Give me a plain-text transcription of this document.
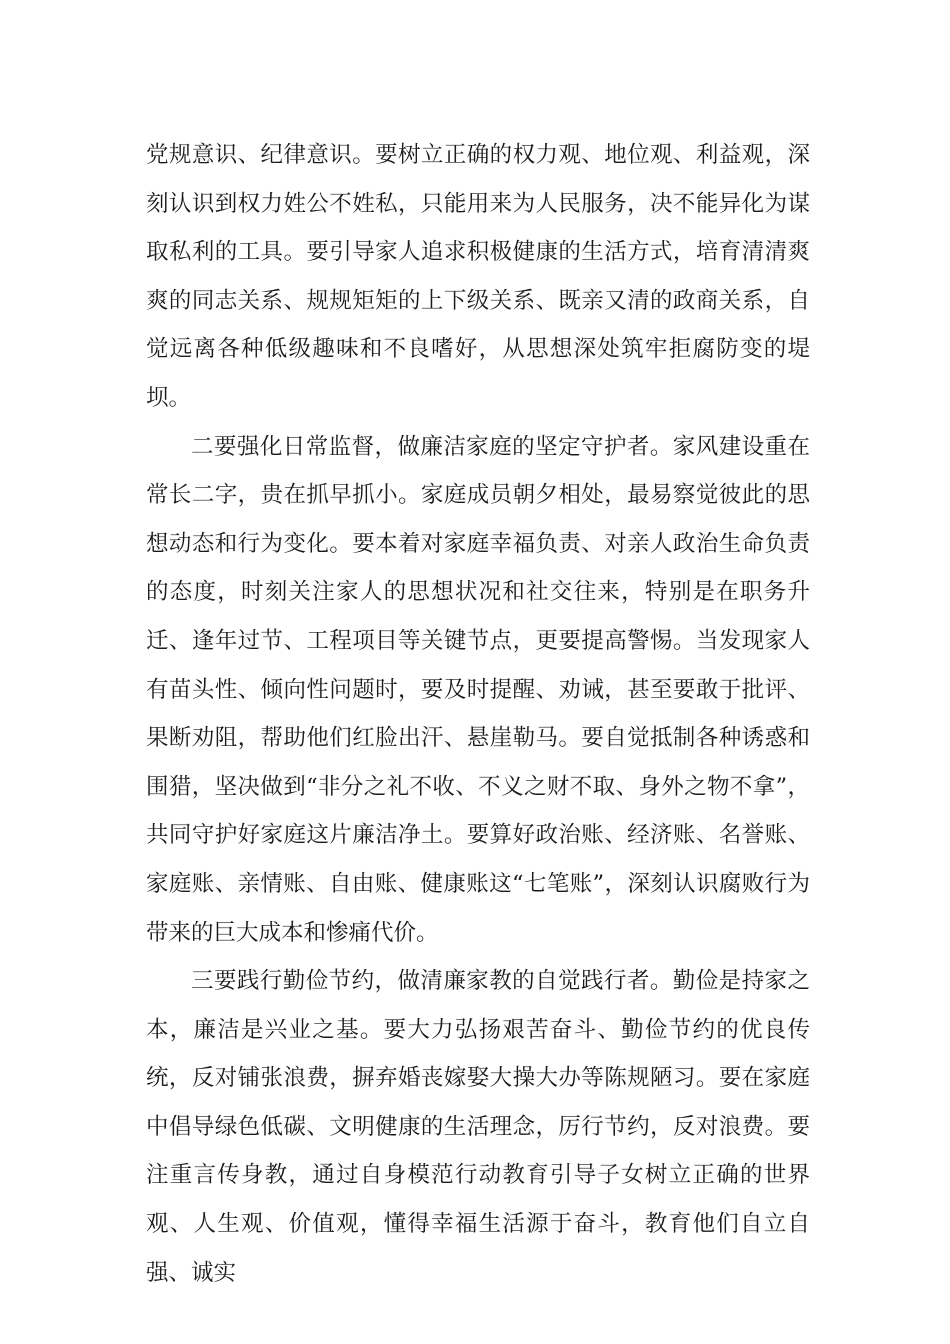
党规意识、纪律意识。要树立正确的权力观、地位观、利益观，深刻认识到权力姓公不姓私，只能用来为人民服务，决不能异化为谋取私利的工具。要引导家人追求积极健康的生活方式，培育清清爽爽的同志关系、规规矩矩的上下级关系、既亲又清的政商关系，自觉远离各种低级趣味和不良嗜好，从思想深处筑牢拒腐防变的堤坝。

二要强化日常监督，做廉洁家庭的坚定守护者。家风建设重在常长二字，贵在抓早抓小。家庭成员朝夕相处，最易察觉彼此的思想动态和行为变化。要本着对家庭幸福负责、对亲人政治生命负责的态度，时刻关注家人的思想状况和社交往来，特别是在职务升迁、逢年过节、工程项目等关键节点，更要提高警惕。当发现家人有苗头性、倾向性问题时，要及时提醒、劝诫，甚至要敢于批评、果断劝阻，帮助他们红脸出汗、悬崖勒马。要自觉抵制各种诱惑和围猎，坚决做到“非分之礼不收、不义之财不取、身外之物不拿”，共同守护好家庭这片廉洁净土。要算好政治账、经济账、名誉账、家庭账、亲情账、自由账、健康账这“七笔账”，深刻认识腐败行为带来的巨大成本和惨痛代价。

三要践行勤俭节约，做清廉家教的自觉践行者。勤俭是持家之本，廉洁是兴业之基。要大力弘扬艰苦奋斗、勤俭节约的优良传统，反对铺张浪费，摒弃婚丧嫁娶大操大办等陈规陋习。要在家庭中倡导绿色低碳、文明健康的生活理念，厉行节约，反对浪费。要注重言传身教，通过自身模范行动教育引导子女树立正确的世界观、人生观、价值观，懂得幸福生活源于奋斗，教育他们自立自强、诚实
